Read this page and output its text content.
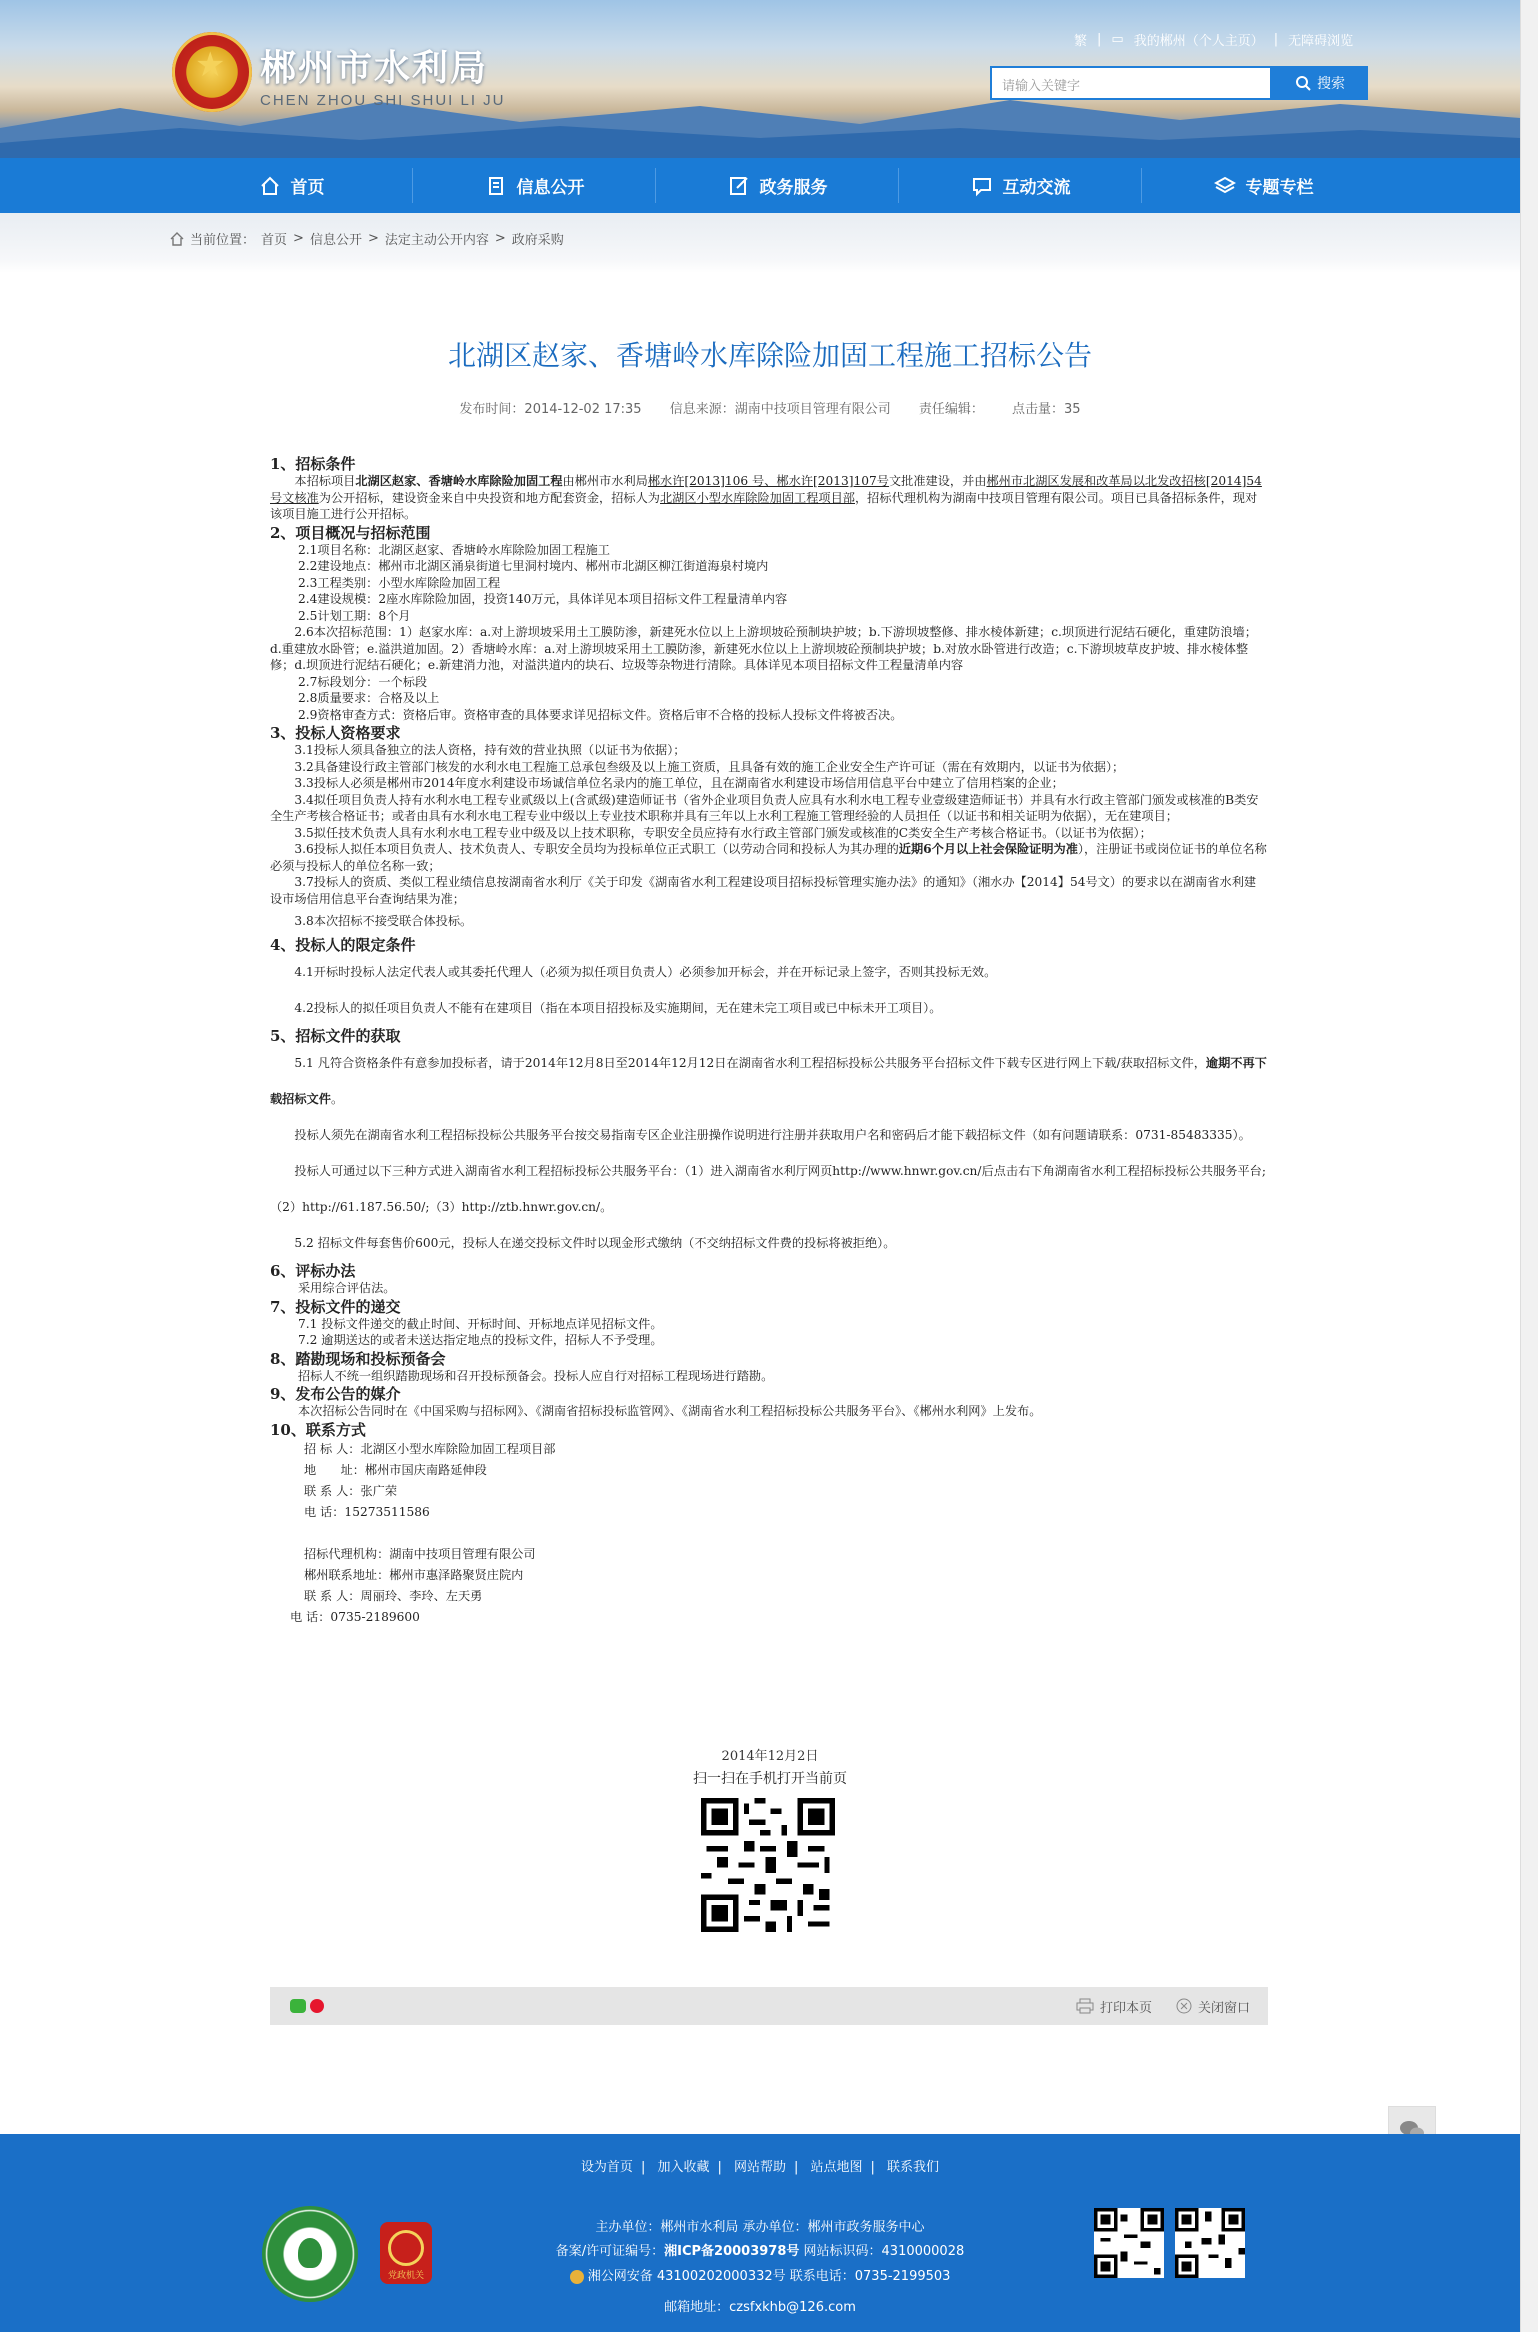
★ 郴州市水利局
CHEN ZHOU SHI SHUI LI JU
繁 | ▭ 我的郴州（个人主页） | 无障碍浏览
请输入关键字	搜索
首页	信息公开	政务服务	互动交流	专题专栏
当前位置： 首页 > 信息公开 > 法定主动公开内容 > 政府采购
北湖区赵家、香塘岭水库除险加固工程施工招标公告
发布时间：2014-12-02 17:35 信息来源：湖南中技项目管理有限公司 责任编辑： 点击量：35
1、招标条件

本招标项目北湖区赵家、香塘岭水库除险加固工程由郴州市水利局郴水许[2013]106 号、郴水许[2013]107号文批准建设，并由郴州市北湖区发展和改革局以北发改招核[2014]54号文核准为公开招标，建设资金来自中央投资和地方配套资金，招标人为北湖区小型水库除险加固工程项目部，招标代理机构为湖南中技项目管理有限公司。项目已具备招标条件，现对该项目施工进行公开招标。

2、项目概况与招标范围
2.1项目名称：北湖区赵家、香塘岭水库除险加固工程施工
2.2建设地点：郴州市北湖区涌泉街道七里洞村境内、郴州市北湖区柳江街道海泉村境内
2.3工程类别：小型水库除险加固工程
2.4建设规模：2座水库除险加固，投资140万元，具体详见本项目招标文件工程量清单内容
2.5计划工期：8个月

2.6本次招标范围：1）赵家水库：a.对上游坝坡采用土工膜防渗，新建死水位以上上游坝坡砼预制块护坡；b.下游坝坡整修、排水棱体新建；c.坝顶进行泥结石硬化，重建防浪墙；d.重建放水卧管；e.溢洪道加固。2）香塘岭水库：a.对上游坝坡采用土工膜防渗，新建死水位以上上游坝坡砼预制块护坡；b.对放水卧管进行改造；c.下游坝坡草皮护坡、排水棱体整修；d.坝顶进行泥结石硬化；e.新建消力池，对溢洪道内的块石、垃圾等杂物进行清除。具体详见本项目招标文件工程量清单内容

2.7标段划分：一个标段
2.8质量要求：合格及以上
2.9资格审查方式：资格后审。资格审查的具体要求详见招标文件。资格后审不合格的投标人投标文件将被否决。
3、投标人资格要求

3.1投标人须具备独立的法人资格，持有效的营业执照（以证书为依据）；

3.2具备建设行政主管部门核发的水利水电工程施工总承包叁级及以上施工资质，且具备有效的施工企业安全生产许可证（需在有效期内，以证书为依据）；

3.3投标人必须是郴州市2014年度水利建设市场诚信单位名录内的施工单位，且在湖南省水利建设市场信用信息平台中建立了信用档案的企业；

3.4拟任项目负责人持有水利水电工程专业贰级以上(含贰级)建造师证书（省外企业项目负责人应具有水利水电工程专业壹级建造师证书）并具有水行政主管部门颁发或核准的B类安全生产考核合格证书；或者由具有水利水电工程专业中级以上专业技术职称并具有三年以上水利工程施工管理经验的人员担任（以证书和相关证明为依据），无在建项目；

3.5拟任技术负责人具有水利水电工程专业中级及以上技术职称，专职安全员应持有水行政主管部门颁发或核准的C类安全生产考核合格证书。（以证书为依据）；

3.6投标人拟任本项目负责人、技术负责人、专职安全员均为投标单位正式职工（以劳动合同和投标人为其办理的近期6个月以上社会保险证明为准），注册证书或岗位证书的单位名称必须与投标人的单位名称一致；

3.7投标人的资质、类似工程业绩信息按湖南省水利厅《关于印发《湖南省水利工程建设项目招标投标管理实施办法》的通知》（湘水办【2014】54号文）的要求以在湖南省水利建设市场信用信息平台查询结果为准；

3.8本次招标不接受联合体投标。

4、投标人的限定条件

4.1开标时投标人法定代表人或其委托代理人（必须为拟任项目负责人）必须参加开标会，并在开标记录上签字，否则其投标无效。

4.2投标人的拟任项目负责人不能有在建项目（指在本项目招投标及实施期间，无在建未完工项目或已中标未开工项目）。

5、招标文件的获取

5.1 凡符合资格条件有意参加投标者，请于2014年12月8日至2014年12月12日在湖南省水利工程招标投标公共服务平台招标文件下载专区进行网上下载/获取招标文件，逾期不再下载招标文件。

投标人须先在湖南省水利工程招标投标公共服务平台按交易指南专区企业注册操作说明进行注册并获取用户名和密码后才能下载招标文件（如有问题请联系：0731-85483335）。

投标人可通过以下三种方式进入湖南省水利工程招标投标公共服务平台：（1）进入湖南省水利厅网页http://www.hnwr.gov.cn/后点击右下角湖南省水利工程招标投标公共服务平台;（2）http://61.187.56.50/;（3）http://ztb.hnwr.gov.cn/。

5.2 招标文件每套售价600元，投标人在递交投标文件时以现金形式缴纳（不交纳招标文件费的投标将被拒绝）。

6、评标办法
采用综合评估法。
7、投标文件的递交
7.1 投标文件递交的截止时间、开标时间、开标地点详见招标文件。
7.2 逾期送达的或者未送达指定地点的投标文件，招标人不予受理。
8、踏勘现场和投标预备会
招标人不统一组织踏勘现场和召开投标预备会。投标人应自行对招标工程现场进行踏勘。
9、发布公告的媒介
本次招标公告同时在《中国采购与招标网》、《湖南省招标投标监管网》、《湖南省水利工程招标投标公共服务平台》、《郴州水利网》上发布。
10、联系方式
招 标 人：北湖区小型水库除险加固工程项目部
地　　址：郴州市国庆南路延伸段
联 系 人：张广荣
电 话：15273511586
招标代理机构：湖南中技项目管理有限公司
郴州联系地址：郴州市惠泽路聚贤庄院内
联 系 人：周丽玲、李玲、左天勇
电 话：0735-2189600
2014年12月2日
扫一扫在手机打开当前页
打印本页	关闭窗口
设为首页 | 加入收藏 | 网站帮助 | 站点地图 | 联系我们
党政机关
主办单位：郴州市水利局 承办单位：郴州市政务服务中心
备案/许可证编号：湘ICP备20003978号 网站标识码：4310000028
湘公网安备 43100202000332号 联系电话：0735-2199503
邮箱地址：czsfxkhb@126.com
